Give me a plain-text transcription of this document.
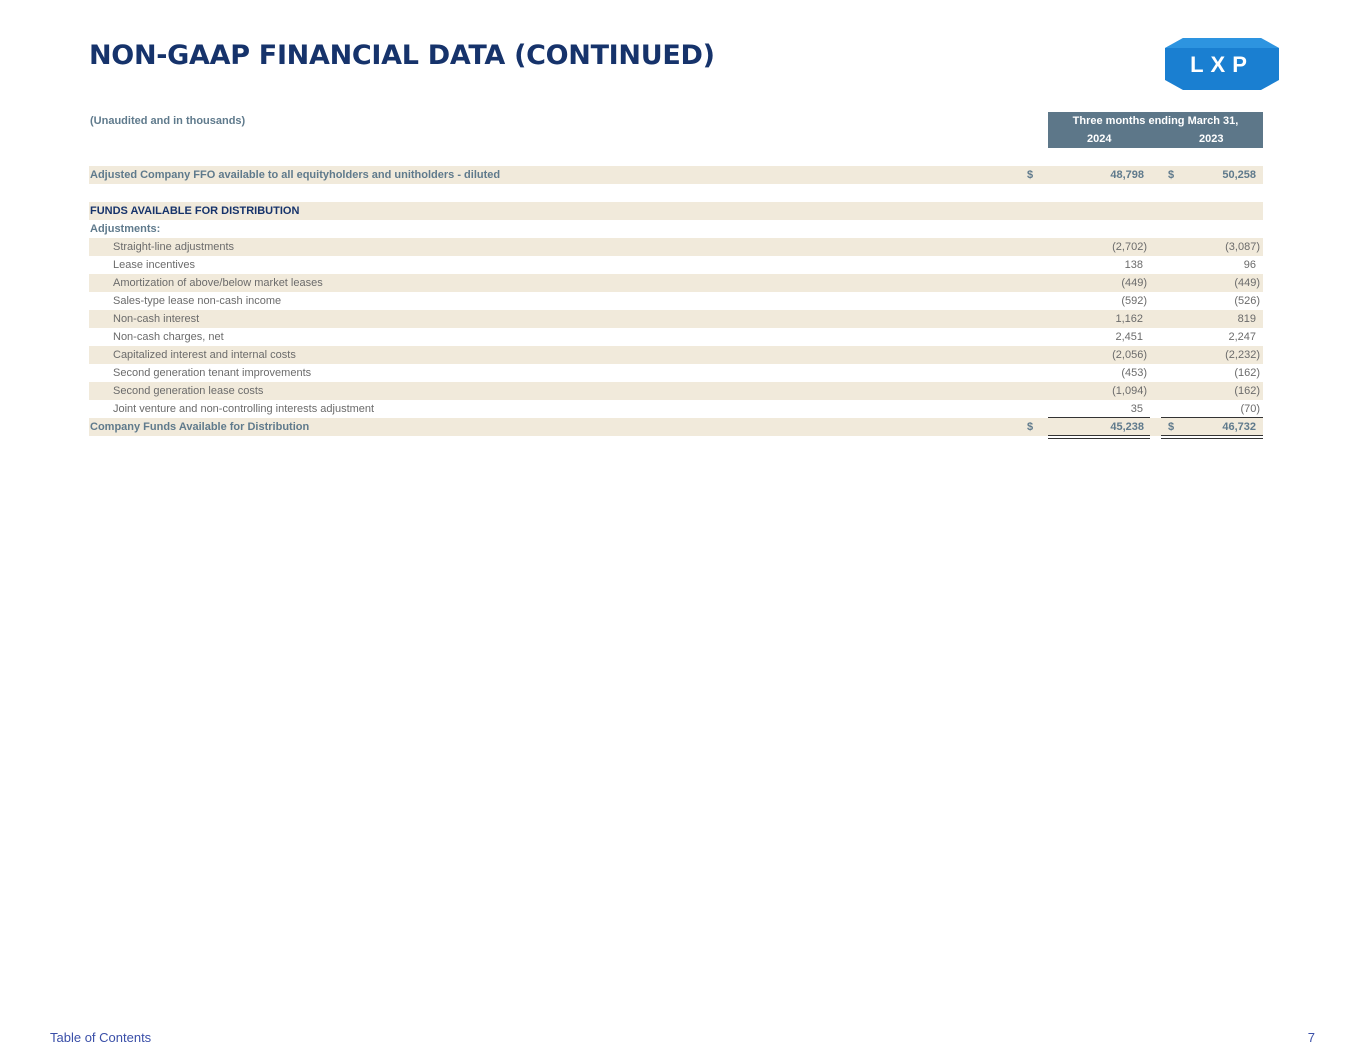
NON-GAAP FINANCIAL DATA (CONTINUED)	LXP
(Unaudited and in thousands)	Three months ending March 31,
2024	2023
Adjusted Company FFO available to all equityholders and unitholders - diluted	$	48,798 $	50,258
FUNDS AVAILABLE FOR DISTRIBUTION
Adjustments:
Straight-line adjustments	(2,702)	(3,087)
Lease incentives	138	96
Amortization of above/below market leases	(449)	(449)
Sales-type lease non-cash income	(592)	(526)
Non-cash interest	1,162	819
Non-cash charges, net	2,451	2,247
Capitalized interest and internal costs	(2,056)	(2,232)
Second generation tenant improvements	(453)	(162)
Second generation lease costs	(1,094)	(162)
Joint venture and non-controlling interests adjustment	35	(70)
Company Funds Available for Distribution	$	45,238 $	46,732
Table of Contents	7
